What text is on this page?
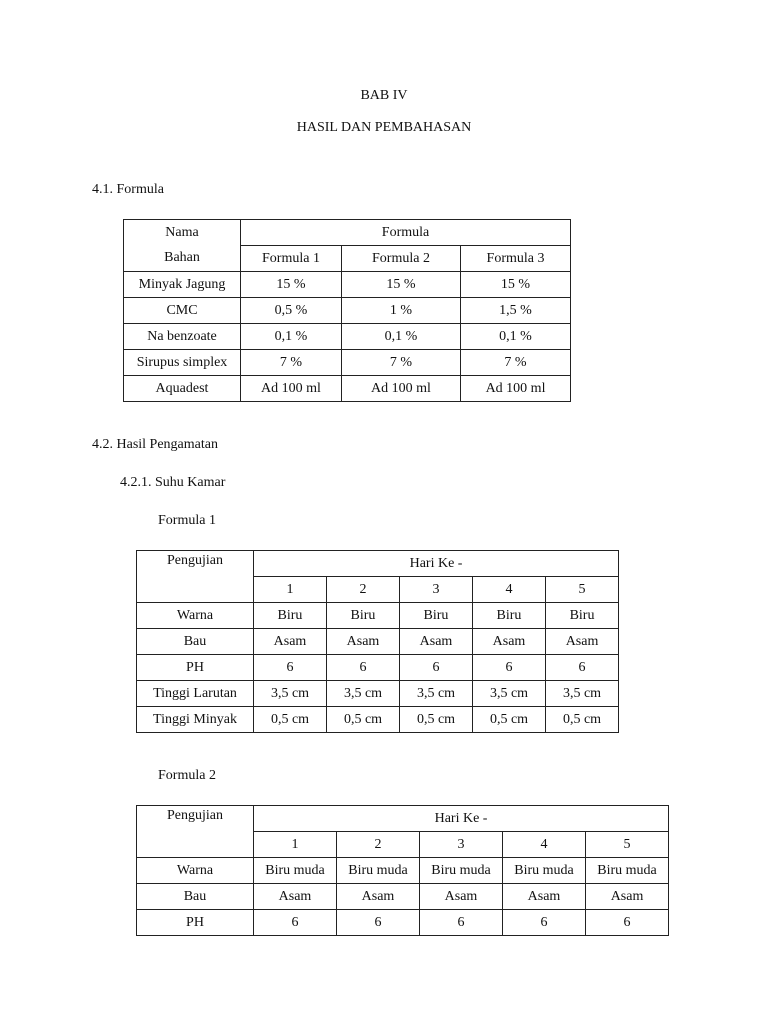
BAB IV
HASIL DAN PEMBAHASAN
4.1. Formula
Nama	Formula		
Bahan	Formula 1	Formula 2	Formula 3
Minyak Jagung	15 %	15 %	15 %
CMC	0,5 %	1 %	1,5 %
Na benzoate	0,1 %	0,1 %	0,1 %
Sirupus simplex	7 %	7 %	7 %
Aquadest	Ad 100 ml	Ad 100 ml	Ad 100 ml
4.2. Hasil Pengamatan
4.2.1. Suhu Kamar
Formula 1
Pengujian	Hari Ke -				
	1	2	3	4	5
Warna	Biru	Biru	Biru	Biru	Biru
Bau	Asam	Asam	Asam	Asam	Asam
PH	6	6	6	6	6
Tinggi Larutan	3,5 cm	3,5 cm	3,5 cm	3,5 cm	3,5 cm
Tinggi Minyak	0,5 cm	0,5 cm	0,5 cm	0,5 cm	0,5 cm
Formula 2
Pengujian	Hari Ke -				
	1	2	3	4	5
Warna	Biru muda	Biru muda	Biru muda	Biru muda	Biru muda
Bau	Asam	Asam	Asam	Asam	Asam
PH	6	6	6	6	6
